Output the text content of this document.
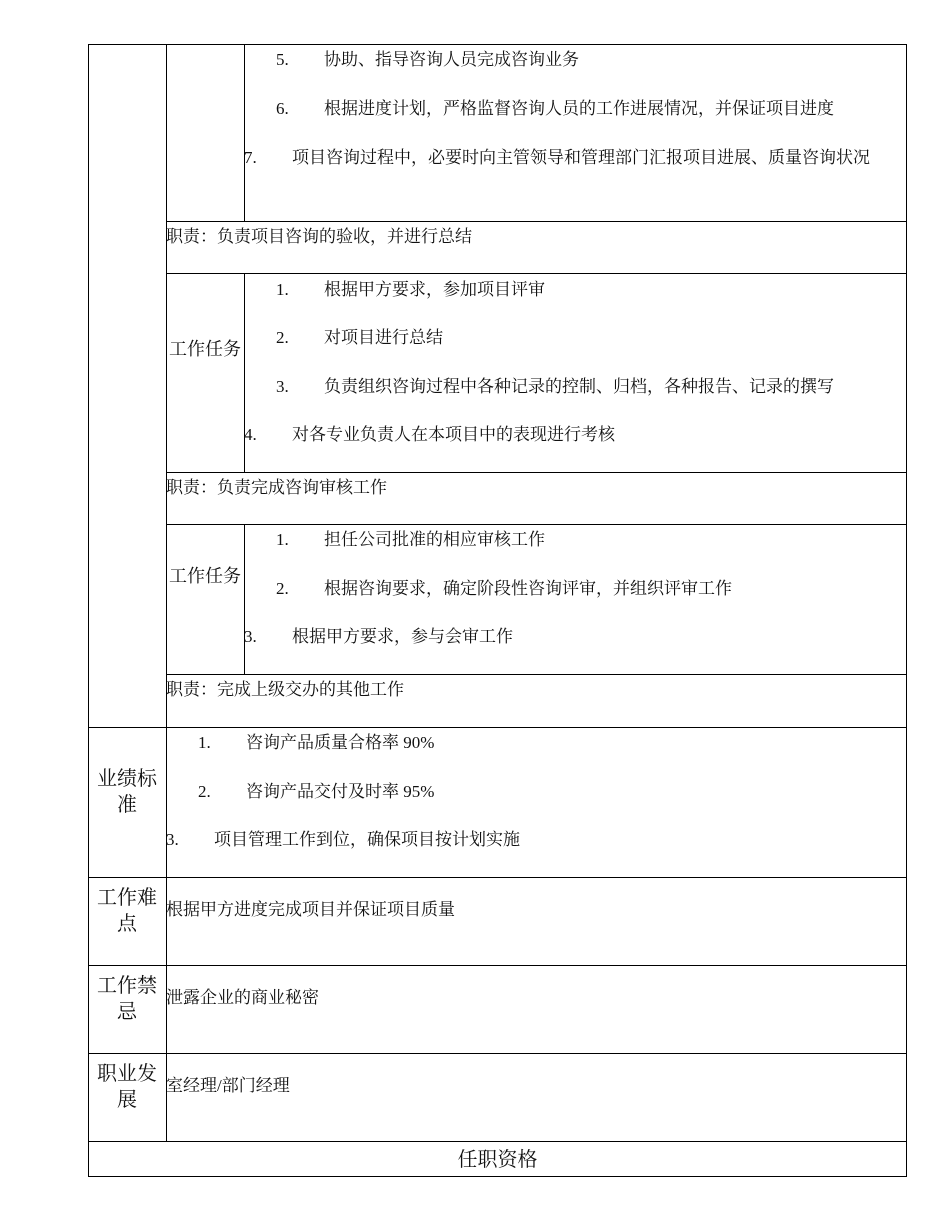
5. 协助、指导咨询人员完成咨询业务
6. 根据进度计划，严格监督咨询人员的工作进展情况，并保证项目进度
7. 项目咨询过程中，必要时向主管领导和管理部门汇报项目进展、质量咨询状况
职责：负责项目咨询的验收，并进行总结
工作任务
1. 根据甲方要求，参加项目评审
2. 对项目进行总结
3. 负责组织咨询过程中各种记录的控制、归档，各种报告、记录的撰写
4. 对各专业负责人在本项目中的表现进行考核
职责：负责完成咨询审核工作
工作任务
1. 担任公司批准的相应审核工作
2. 根据咨询要求，确定阶段性咨询评审，并组织评审工作
3. 根据甲方要求，参与会审工作
职责：完成上级交办的其他工作
业绩标准
1. 咨询产品质量合格率 90%
2. 咨询产品交付及时率 95%
3. 项目管理工作到位，确保项目按计划实施
工作难点
根据甲方进度完成项目并保证项目质量
工作禁忌
泄露企业的商业秘密
职业发展
室经理/部门经理
任职资格
